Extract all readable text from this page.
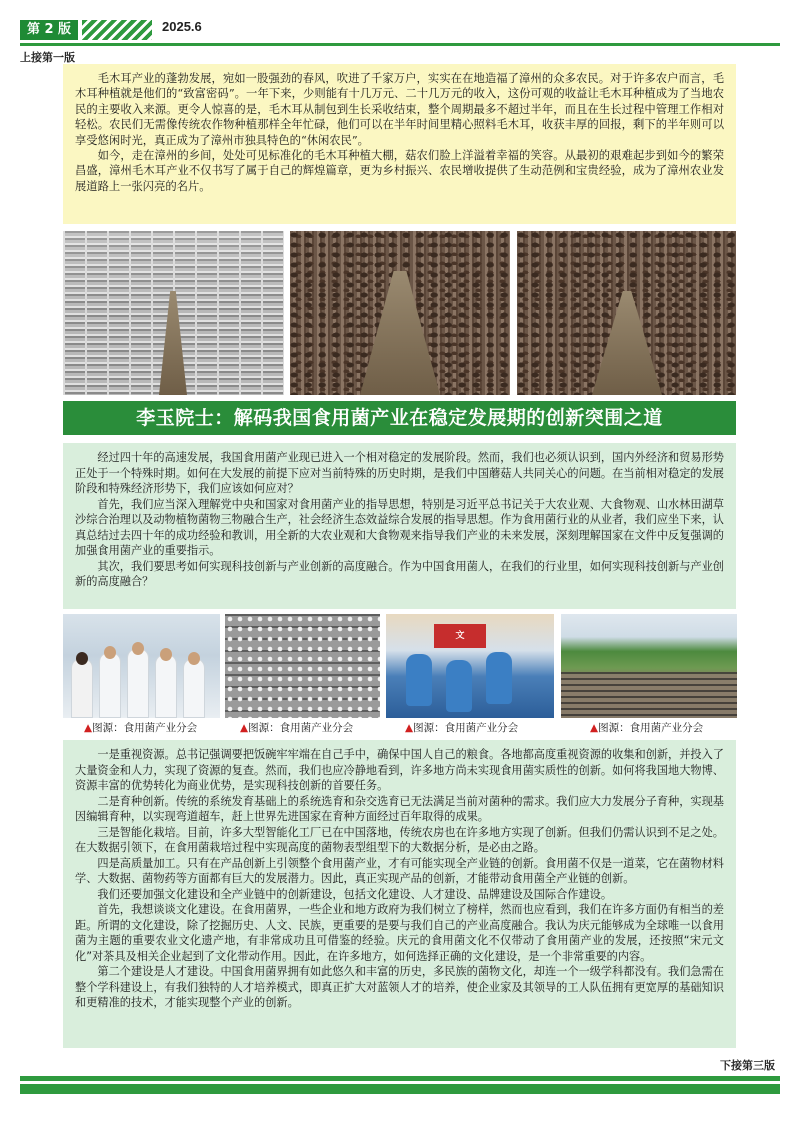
第 2 版	2025.6
上接第一版

毛木耳产业的蓬勃发展，宛如一股强劲的春风，吹进了千家万户，实实在在地造福了漳州的众多农民。对于许多农户而言，毛木耳种植就是他们的“致富密码”。一年下来，少则能有十几万元、二十几万元的收入，这份可观的收益让毛木耳种植成为了当地农民的主要收入来源。更令人惊喜的是，毛木耳从制包到生长采收结束，整个周期最多不超过半年，而且在生长过程中管理工作相对轻松。农民们无需像传统农作物种植那样全年忙碌，他们可以在半年时间里精心照料毛木耳，收获丰厚的回报，剩下的半年则可以享受悠闲时光，真正成为了漳州市独具特色的“休闲农民”。

如今，走在漳州的乡间，处处可见标准化的毛木耳种植大棚，菇农们脸上洋溢着幸福的笑容。从最初的艰难起步到如今的繁荣昌盛，漳州毛木耳产业不仅书写了属于自己的辉煌篇章，更为乡村振兴、农民增收提供了生动范例和宝贵经验，成为了漳州农业发展道路上一张闪亮的名片。

李玉院士：解码我国食用菌产业在稳定发展期的创新突围之道

经过四十年的高速发展，我国食用菌产业现已进入一个相对稳定的发展阶段。然而，我们也必须认识到，国内外经济和贸易形势正处于一个特殊时期。如何在大发展的前提下应对当前特殊的历史时期，是我们中国蘑菇人共同关心的问题。在当前相对稳定的发展阶段和特殊经济形势下，我们应该如何应对？

首先，我们应当深入理解党中央和国家对食用菌产业的指导思想，特别是习近平总书记关于大农业观、大食物观、山水林田湖草沙综合治理以及动物植物菌物三物融合生产，社会经济生态效益综合发展的指导思想。作为食用菌行业的从业者，我们应坐下来，认真总结过去四十年的成功经验和教训，用全新的大农业观和大食物观来指导我们产业的未来发展，深刻理解国家在文件中反复强调的加强食用菌产业的重要指示。

其次，我们要思考如何实现科技创新与产业创新的高度融合。作为中国食用菌人，在我们的行业里，如何实现科技创新与产业创新的高度融合？

文
▲图源：食用菌产业分会	▲图源：食用菌产业分会	▲图源：食用菌产业分会	▲图源：食用菌产业分会

一是重视资源。总书记强调要把饭碗牢牢端在自己手中，确保中国人自己的粮食。各地都高度重视资源的收集和创新，并投入了大量资金和人力，实现了资源的复查。然而，我们也应冷静地看到，许多地方尚未实现食用菌实质性的创新。如何将我国地大物博、资源丰富的优势转化为商业优势，是实现科技创新的首要任务。

二是育种创新。传统的系统发育基础上的系统选育和杂交选育已无法满足当前对菌种的需求。我们应大力发展分子育种，实现基因编辑育种，以实现弯道超车，赶上世界先进国家在育种方面经过百年取得的成果。

三是智能化栽培。目前，许多大型智能化工厂已在中国落地，传统农房也在许多地方实现了创新。但我们仍需认识到不足之处。在大数据引领下，在食用菌栽培过程中实现高度的菌物表型组型下的大数据分析，是必由之路。

四是高质量加工。只有在产品创新上引领整个食用菌产业，才有可能实现全产业链的创新。食用菌不仅是一道菜，它在菌物材料学、大数据、菌物药等方面都有巨大的发展潜力。因此，真正实现产品的创新，才能带动食用菌全产业链的创新。

我们还要加强文化建设和全产业链中的创新建设，包括文化建设、人才建设、品牌建设及国际合作建设。

首先，我想谈谈文化建设。在食用菌界，一些企业和地方政府为我们树立了榜样，然而也应看到，我们在许多方面仍有相当的差距。所谓的文化建设，除了挖掘历史、人文、民族，更重要的是要与我们自己的产业高度融合。我认为庆元能够成为全球唯一以食用菌为主题的重要农业文化遗产地，有非常成功且可借鉴的经验。庆元的食用菌文化不仅带动了食用菌产业的发展，还按照“宋元文化”对茶具及相关企业起到了文化带动作用。因此，在许多地方，如何选择正确的文化建设，是一个非常重要的内容。

第二个建设是人才建设。中国食用菌界拥有如此悠久和丰富的历史，多民族的菌物文化，却连一个一级学科都没有。我们急需在整个学科建设上，有我们独特的人才培养模式，即真正扩大对蓝领人才的培养，使企业家及其领导的工人队伍拥有更宽厚的基础知识和更精准的技术，才能实现整个产业的创新。

下接第三版
